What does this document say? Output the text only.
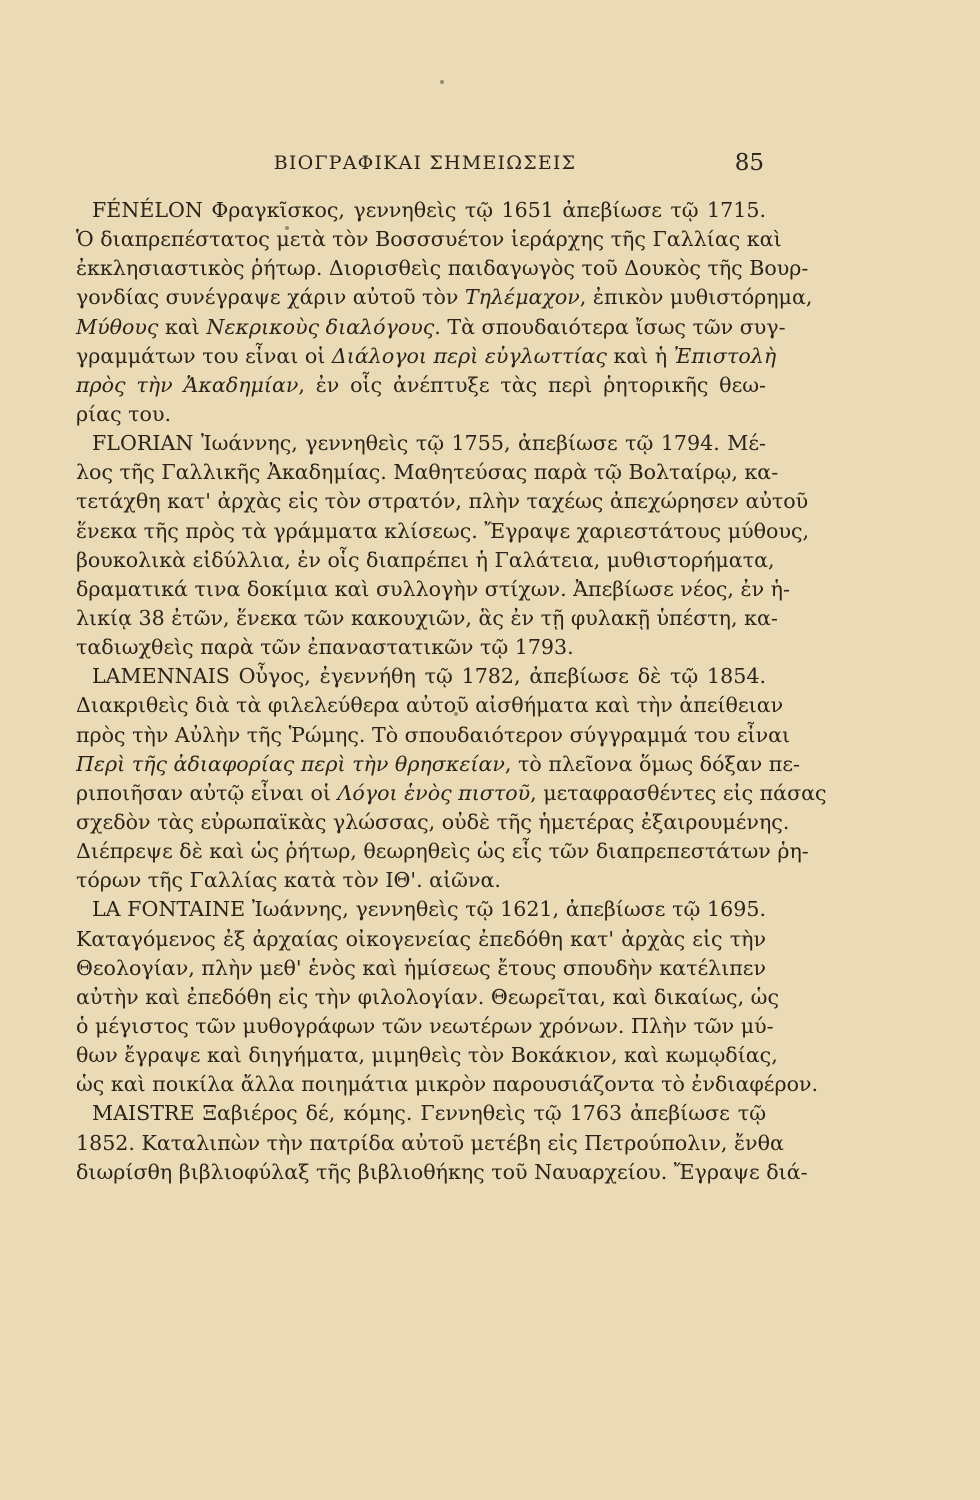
ΒΙΟΓΡΑΦΙΚΑΙ ΣΗΜΕΙΩΣΕΙΣ	85
FÉNÉLON Φραγκῖσκος, γεννηθεὶς τῷ 1651 ἀπεβίωσε τῷ 1715.
Ὁ διαπρεπέστατος μετὰ τὸν Βοσσσυέτον ἱεράρχης τῆς Γαλλίας καὶ
ἐκκλησιαστικὸς ῥήτωρ. Διορισθεὶς παιδαγωγὸς τοῦ Δουκὸς τῆς Βουρ-
γονδίας συνέγραψε χάριν αὐτοῦ τὸν Τηλέμαχον, ἐπικὸν μυθιστόρημα,
Μύθους καὶ Νεκρικοὺς διαλόγους. Τὰ σπουδαιότερα ἴσως τῶν συγ-
γραμμάτων του εἶναι οἱ Διάλογοι περὶ εὐγλωττίας καὶ ἡ Ἐπιστολὴ
πρὸς τὴν Ἀκαδημίαν, ἐν οἷς ἀνέπτυξε τὰς περὶ ῥητορικῆς θεω-
ρίας του.
FLORIAN Ἰωάννης, γεννηθεὶς τῷ 1755, ἀπεβίωσε τῷ 1794. Μέ-
λος τῆς Γαλλικῆς Ἀκαδημίας. Μαθητεύσας παρὰ τῷ Βολταίρῳ, κα-
τετάχθη κατ' ἀρχὰς εἰς τὸν στρατόν, πλὴν ταχέως ἀπεχώρησεν αὐτοῦ
ἕνεκα τῆς πρὸς τὰ γράμματα κλίσεως. Ἔγραψε χαριεστάτους μύθους,
βουκολικὰ εἰδύλλια, ἐν οἷς διαπρέπει ἡ Γαλάτεια, μυθιστορήματα,
δραματικά τινα δοκίμια καὶ συλλογὴν στίχων. Ἀπεβίωσε νέος, ἐν ἡ-
λικίᾳ 38 ἐτῶν, ἕνεκα τῶν κακουχιῶν, ἃς ἐν τῇ φυλακῇ ὑπέστη, κα-
ταδιωχθεὶς παρὰ τῶν ἐπαναστατικῶν τῷ 1793.
LAMENNAIS Οὖγος, ἐγεννήθη τῷ 1782, ἀπεβίωσε δὲ τῷ 1854.
Διακριθεὶς διὰ τὰ φιλελεύθερα αὐτοῦ αἰσθήματα καὶ τὴν ἀπείθειαν
πρὸς τὴν Αὐλὴν τῆς Ῥώμης. Τὸ σπουδαιότερον σύγγραμμά του εἶναι
Περὶ τῆς ἀδιαφορίας περὶ τὴν θρησκείαν, τὸ πλεῖονα ὅμως δόξαν πε-
ριποιῆσαν αὐτῷ εἶναι οἱ Λόγοι ἑνὸς πιστοῦ, μεταφρασθέντες εἰς πάσας
σχεδὸν τὰς εὐρωπαϊκὰς γλώσσας, οὐδὲ τῆς ἡμετέρας ἐξαιρουμένης.
Διέπρεψε δὲ καὶ ὡς ῥήτωρ, θεωρηθεὶς ὡς εἷς τῶν διαπρεπεστάτων ῥη-
τόρων τῆς Γαλλίας κατὰ τὸν ΙΘ'. αἰῶνα.
LA FONTAINE Ἰωάννης, γεννηθεὶς τῷ 1621, ἀπεβίωσε τῷ 1695.
Καταγόμενος ἐξ ἀρχαίας οἰκογενείας ἐπεδόθη κατ' ἀρχὰς εἰς τὴν
Θεολογίαν, πλὴν μεθ' ἑνὸς καὶ ἡμίσεως ἔτους σπουδὴν κατέλιπεν
αὐτὴν καὶ ἐπεδόθη εἰς τὴν φιλολογίαν. Θεωρεῖται, καὶ δικαίως, ὡς
ὁ μέγιστος τῶν μυθογράφων τῶν νεωτέρων χρόνων. Πλὴν τῶν μύ-
θων ἔγραψε καὶ διηγήματα, μιμηθεὶς τὸν Βοκάκιον, καὶ κωμῳδίας,
ὡς καὶ ποικίλα ἄλλα ποιημάτια μικρὸν παρουσιάζοντα τὸ ἐνδιαφέρον.
MAISTRE Ξαβιέρος δέ, κόμης. Γεννηθεὶς τῷ 1763 ἀπεβίωσε τῷ
1852. Καταλιπὼν τὴν πατρίδα αὐτοῦ μετέβη εἰς Πετρούπολιν, ἔνθα
διωρίσθη βιβλιοφύλαξ τῆς βιβλιοθήκης τοῦ Ναυαρχείου. Ἔγραψε διά-
